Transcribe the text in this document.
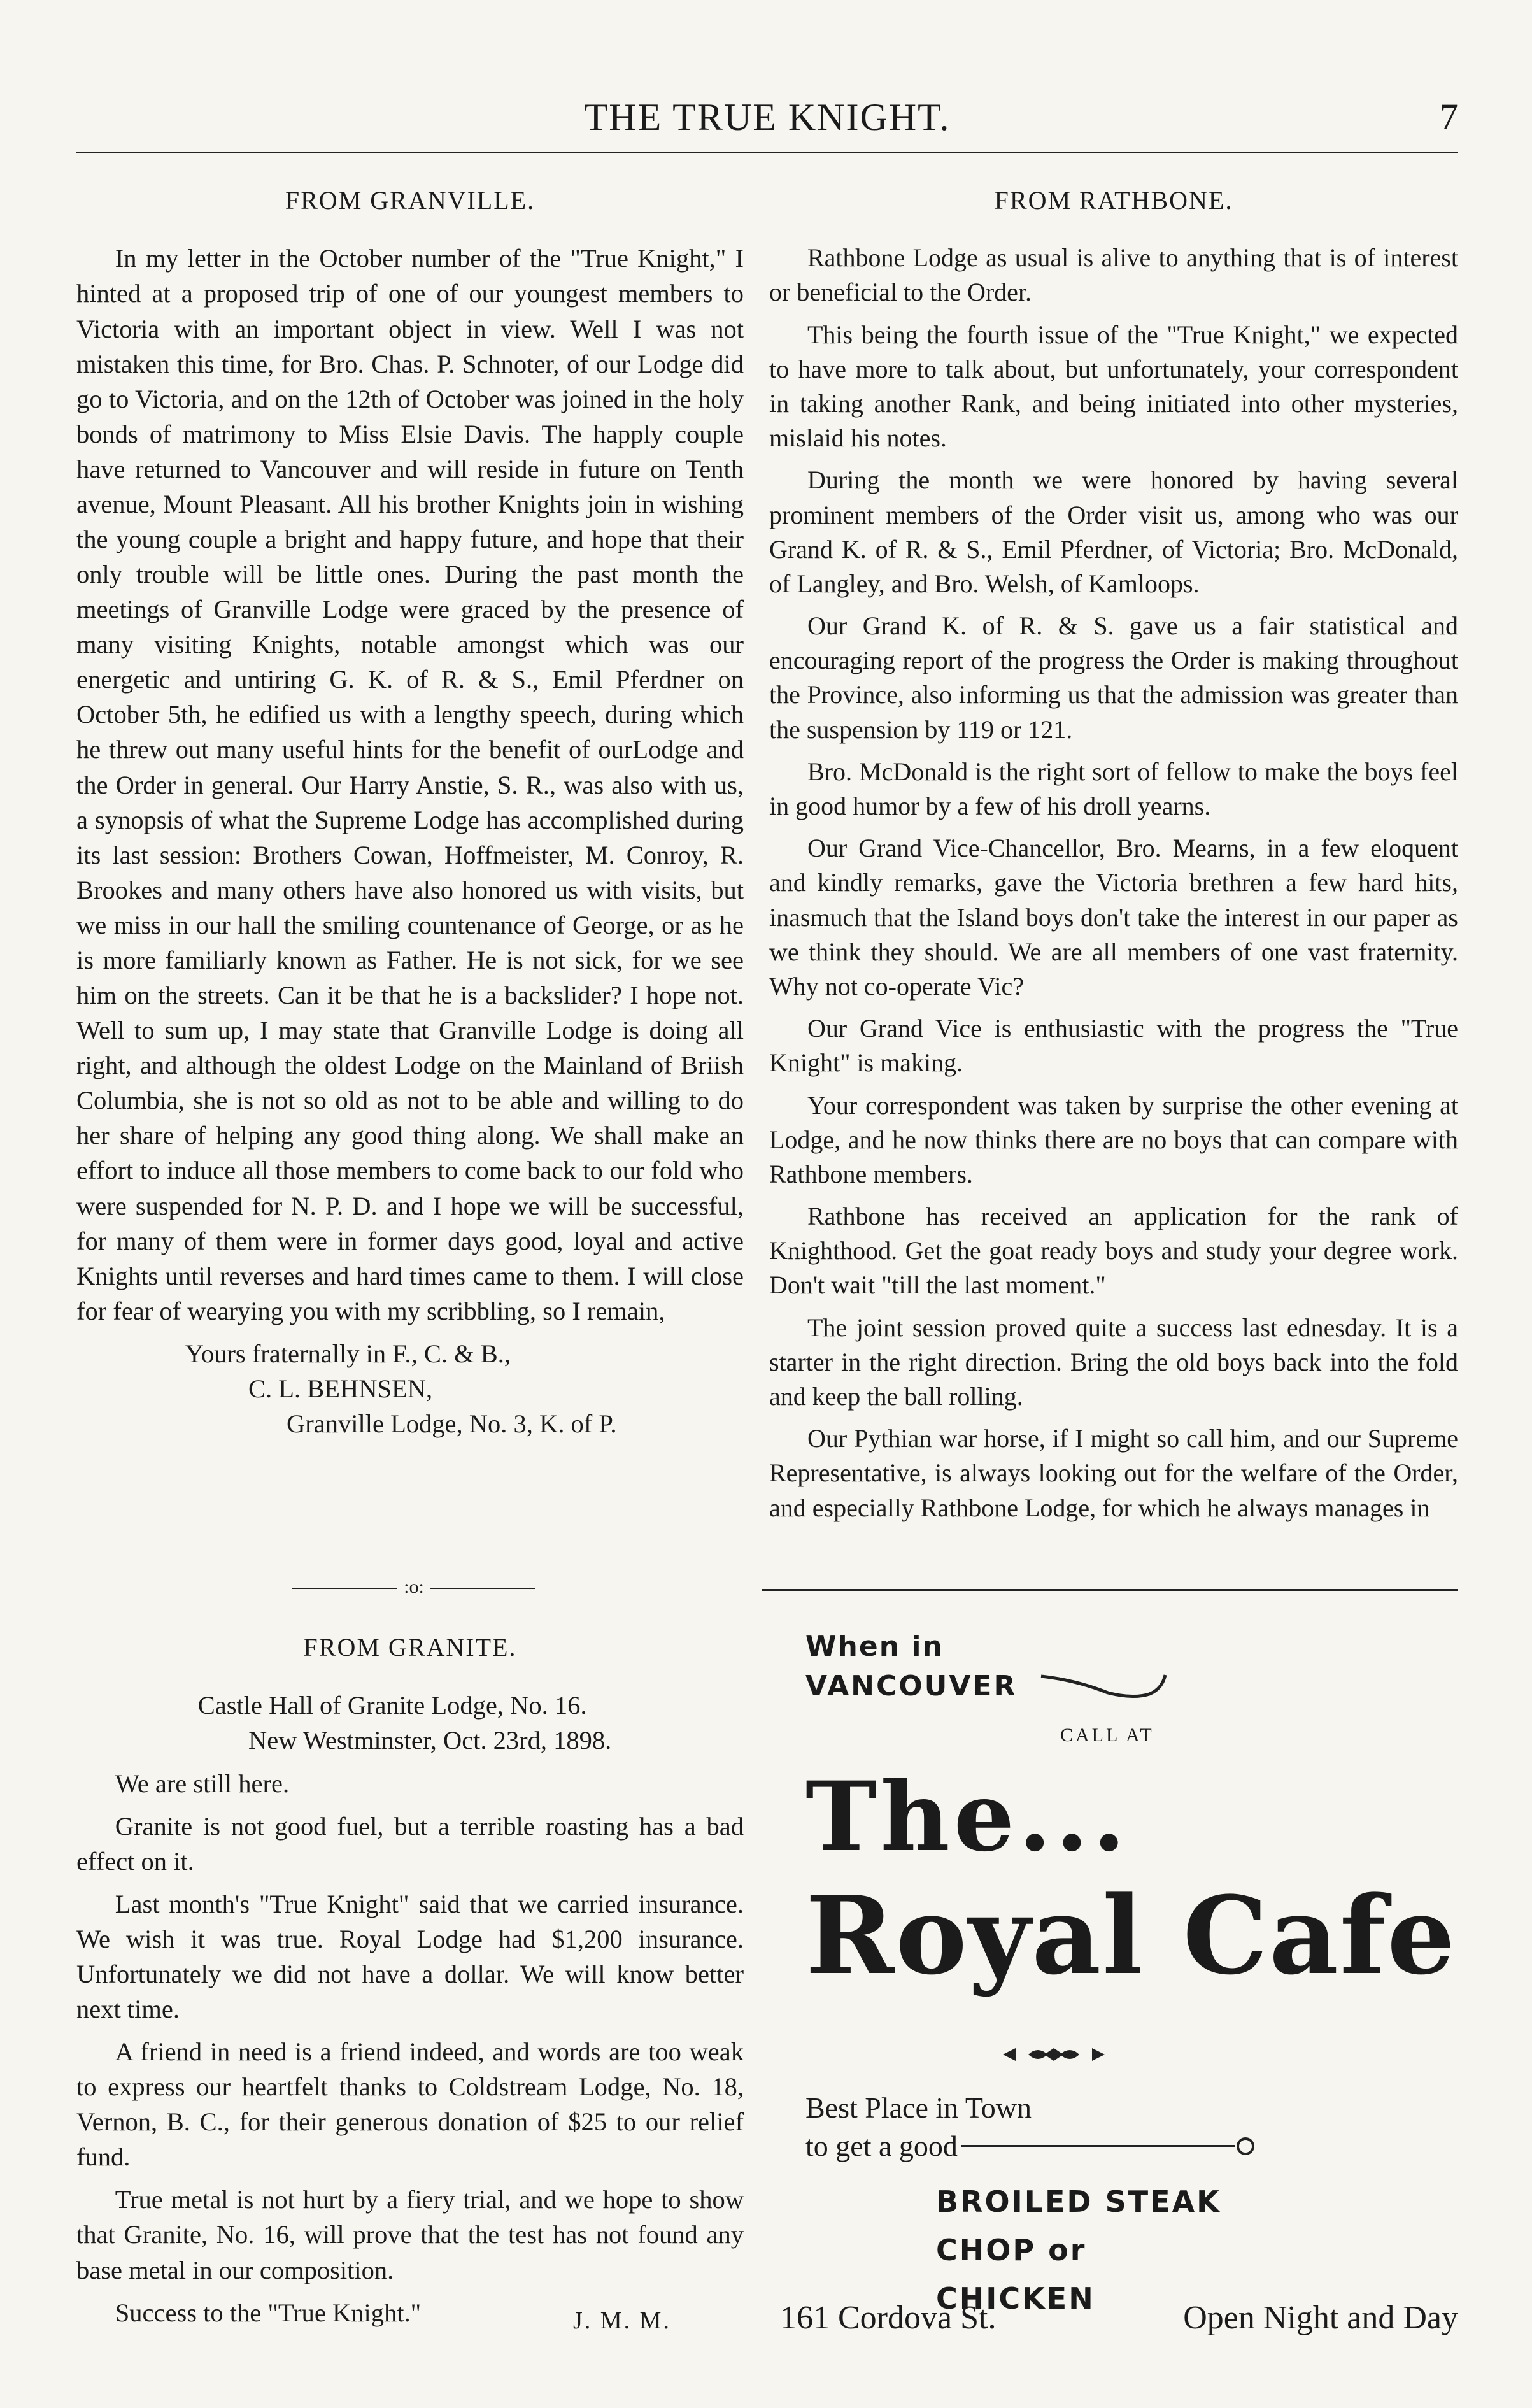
THE TRUE KNIGHT.	7
FROM GRANVILLE.

In my letter in the October number of the "True Knight," I hinted at a proposed trip of one of our youngest members to Victoria with an important object in view. Well I was not mistaken this time, for Bro. Chas. P. Schnoter, of our Lodge did go to Victoria, and on the 12th of October was joined in the holy bonds of matrimony to Miss Elsie Davis. The happly couple have returned to Vancouver and will reside in future on Tenth avenue, Mount Pleasant. All his brother Knights join in wishing the young couple a bright and happy future, and hope that their only trouble will be little ones. During the past month the meetings of Granville Lodge were graced by the presence of many visiting Knights, notable amongst which was our energetic and untiring G. K. of R. & S., Emil Pferdner on October 5th, he edified us with a lengthy speech, during which he threw out many useful hints for the benefit of ourLodge and the Order in general. Our Harry Anstie, S. R., was also with us, a synopsis of what the Supreme Lodge has accomplished during its last session: Brothers Cowan, Hoffmeister, M. Conroy, R. Brookes and many others have also honored us with visits, but we miss in our hall the smiling countenance of George, or as he is more familiarly known as Father. He is not sick, for we see him on the streets. Can it be that he is a backslider? I hope not. Well to sum up, I may state that Granville Lodge is doing all right, and although the oldest Lodge on the Mainland of Briish Columbia, she is not so old as not to be able and willing to do her share of helping any good thing along. We shall make an effort to induce all those members to come back to our fold who were suspended for N. P. D. and I hope we will be successful, for many of them were in former days good, loyal and active Knights until reverses and hard times came to them. I will close for fear of wearying you with my scribbling, so I remain,

Yours fraternally in F., C. & B.,
C. L. BEHNSEN,
Granville Lodge, No. 3, K. of P.

:o:
FROM GRANITE.

Castle Hall of Granite Lodge, No. 16.
New Westminster, Oct. 23rd, 1898.

We are still here.

Granite is not good fuel, but a terrible roasting has a bad effect on it.

Last month's "True Knight" said that we carried insurance. We wish it was true. Royal Lodge had $1,200 insurance. Unfortunately we did not have a dollar. We will know better next time.

A friend in need is a friend indeed, and words are too weak to express our heartfelt thanks to Coldstream Lodge, No. 18, Vernon, B. C., for their generous donation of $25 to our relief fund.

True metal is not hurt by a fiery trial, and we hope to show that Granite, No. 16, will prove that the test has not found any base metal in our composition.

Success to the "True Knight."	J. M. M.
FROM RATHBONE.

Rathbone Lodge as usual is alive to anything that is of interest or beneficial to the Order.

This being the fourth issue of the "True Knight," we expected to have more to talk about, but unfortunately, your correspondent in taking another Rank, and being initiated into other mysteries, mislaid his notes.

During the month we were honored by having several prominent members of the Order visit us, among who was our Grand K. of R. & S., Emil Pferdner, of Victoria; Bro. McDonald, of Langley, and Bro. Welsh, of Kamloops.

Our Grand K. of R. & S. gave us a fair statistical and encouraging report of the progress the Order is making throughout the Province, also informing us that the admission was greater than the suspension by 119 or 121.

Bro. McDonald is the right sort of fellow to make the boys feel in good humor by a few of his droll yearns.

Our Grand Vice-Chancellor, Bro. Mearns, in a few eloquent and kindly remarks, gave the Victoria brethren a few hard hits, inasmuch that the Island boys don't take the interest in our paper as we think they should. We are all members of one vast fraternity. Why not co-operate Vic?

Our Grand Vice is enthusiastic with the progress the "True Knight" is making.

Your correspondent was taken by surprise the other evening at Lodge, and he now thinks there are no boys that can compare with Rathbone members.

Rathbone has received an application for the rank of Knighthood. Get the goat ready boys and study your degree work. Don't wait "till the last moment."

The joint session proved quite a success last ednesday. It is a starter in the right direction. Bring the old boys back into the fold and keep the ball rolling.

Our Pythian war horse, if I might so call him, and our Supreme Representative, is always looking out for the welfare of the Order, and especially Rathbone Lodge, for which he always manages in

When in
VANCOUVER
CALL AT
The...
Royal Cafe
Best Place in Town
to get a good
BROILED STEAK
CHOP or
CHICKEN
161 Cordova St.	Open Night and Day
